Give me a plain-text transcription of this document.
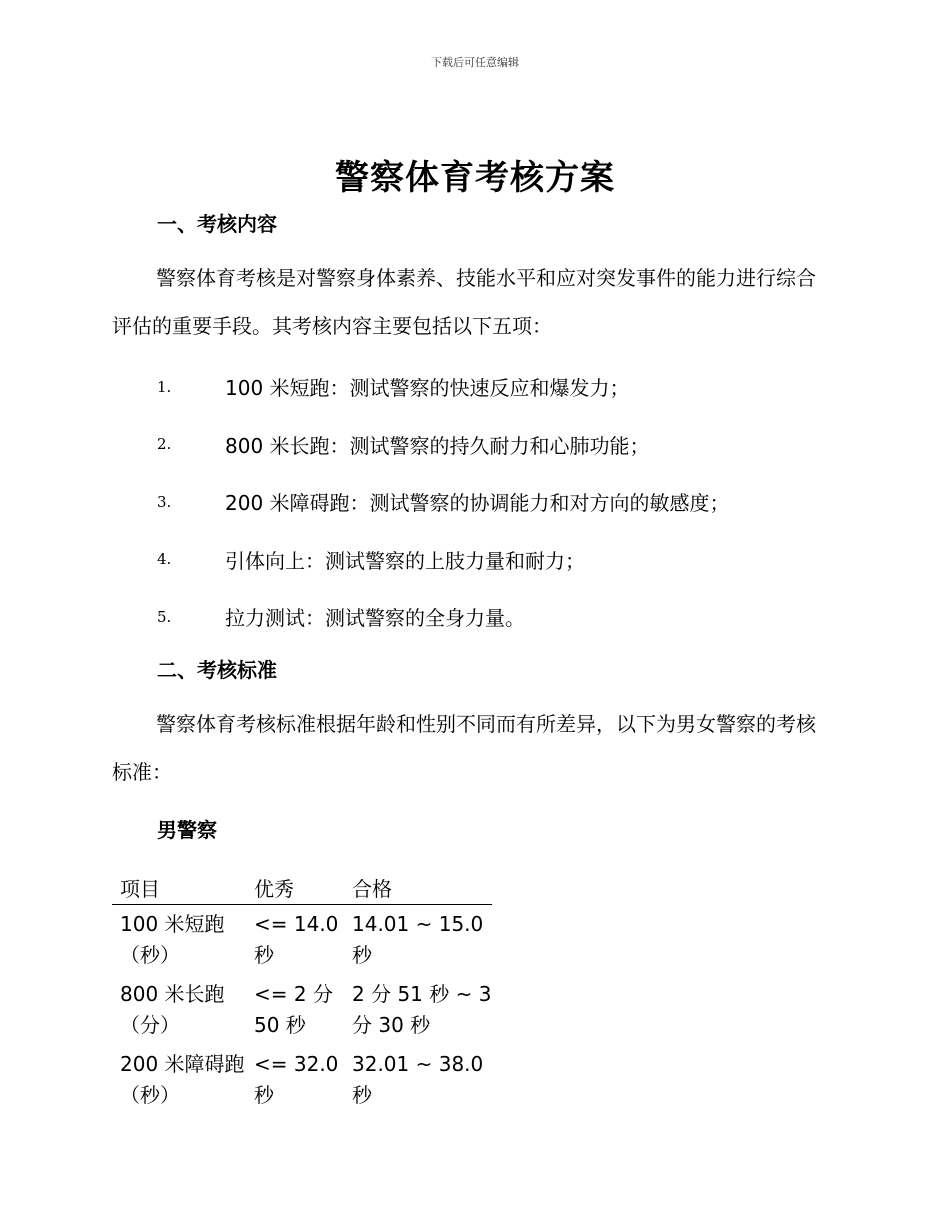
下载后可任意编辑
警察体育考核方案
一、考核内容
警察体育考核是对警察身体素养、技能水平和应对突发事件的能力进行综合评估的重要手段。其考核内容主要包括以下五项：
1.	100 米短跑：测试警察的快速反应和爆发力；
2.	800 米长跑：测试警察的持久耐力和心肺功能；
3.	200 米障碍跑：测试警察的协调能力和对方向的敏感度；
4.	引体向上：测试警察的上肢力量和耐力；
5.	拉力测试：测试警察的全身力量。
二、考核标准
警察体育考核标准根据年龄和性别不同而有所差异，以下为男女警察的考核标准：
男警察
项目	优秀	合格
100 米短跑（秒）	<= 14.0 秒	14.01 ~ 15.0 秒
800 米长跑（分）	<= 2 分 50 秒	2 分 51 秒 ~ 3 分 30 秒
200 米障碍跑（秒）	<= 32.0 秒	32.01 ~ 38.0 秒
